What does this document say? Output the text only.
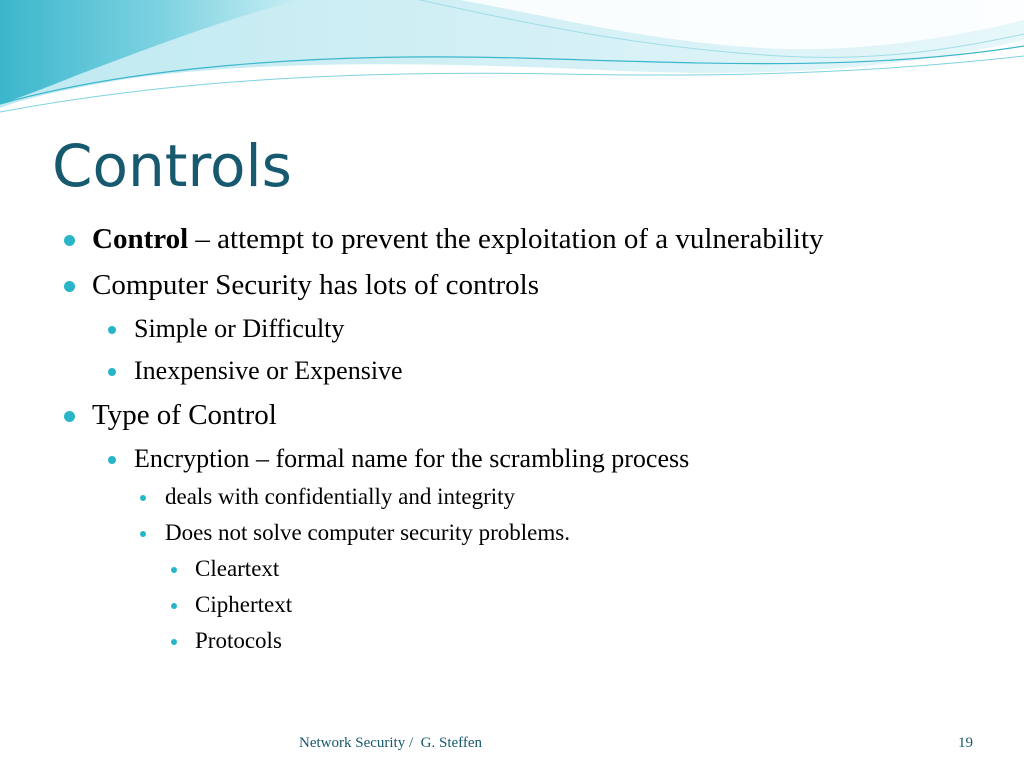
Controls
Control – attempt to prevent the exploitation of a vulnerability
Computer Security has lots of controls
Simple or Difficulty
Inexpensive or Expensive
Type of Control
Encryption – formal name for the scrambling process
deals with confidentially and integrity
Does not solve computer security problems.
Cleartext
Ciphertext
Protocols
Network Security /  G. Steffen	19
